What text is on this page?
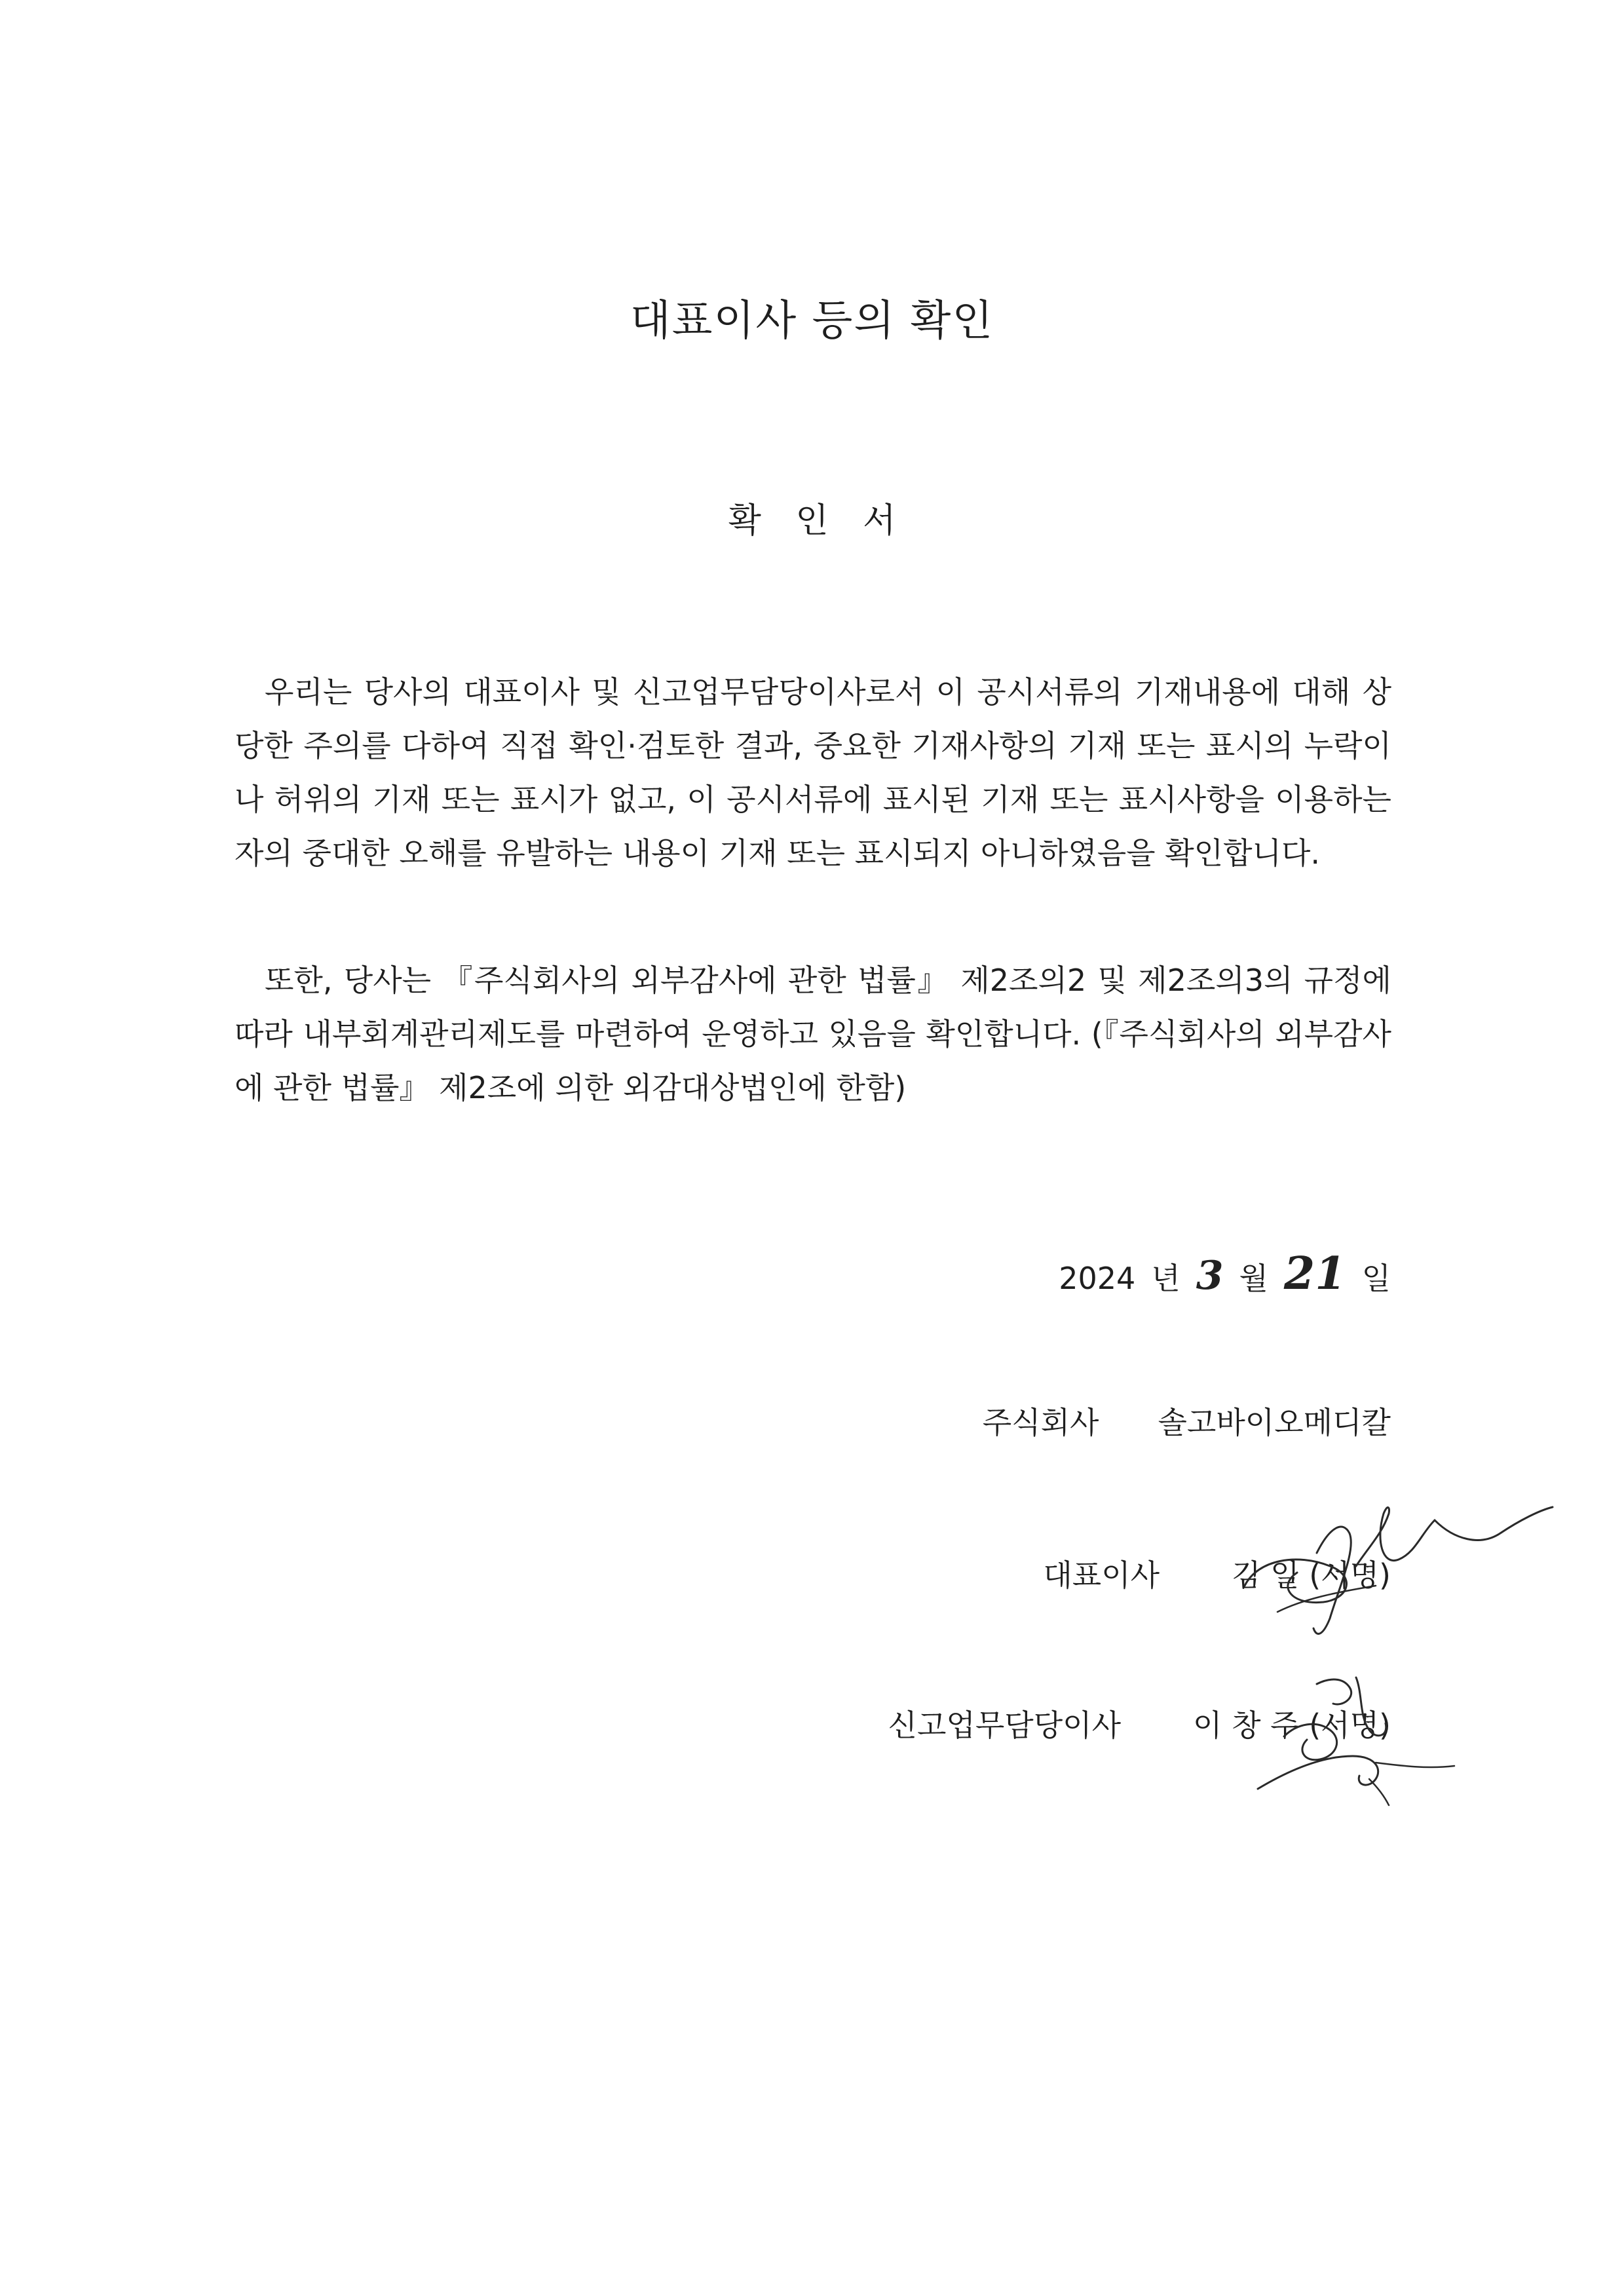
대표이사 등의 확인
확 인 서

우리는 당사의 대표이사 및 신고업무담당이사로서 이 공시서류의 기재내용에 대해 상당한 주의를 다하여 직접 확인·검토한 결과, 중요한 기재사항의 기재 또는 표시의 누락이나 허위의 기재 또는 표시가 없고, 이 공시서류에 표시된 기재 또는 표시사항을 이용하는 자의 중대한 오해를 유발하는 내용이 기재 또는 표시되지 아니하였음을 확인합니다.

또한, 당사는 『주식회사의 외부감사에 관한 법률』 제2조의2 및 제2조의3의 규정에 따라 내부회계관리제도를 마련하여 운영하고 있음을 확인합니다. (『주식회사의 외부감사에 관한 법률』 제2조에 의한 외감대상법인에 한함)

2024 년 3 월 21 일
주식회사 솔고바이오메디칼
대표이사 김 일 (서명)
신고업무담당이사 이 창 주 (서명)
